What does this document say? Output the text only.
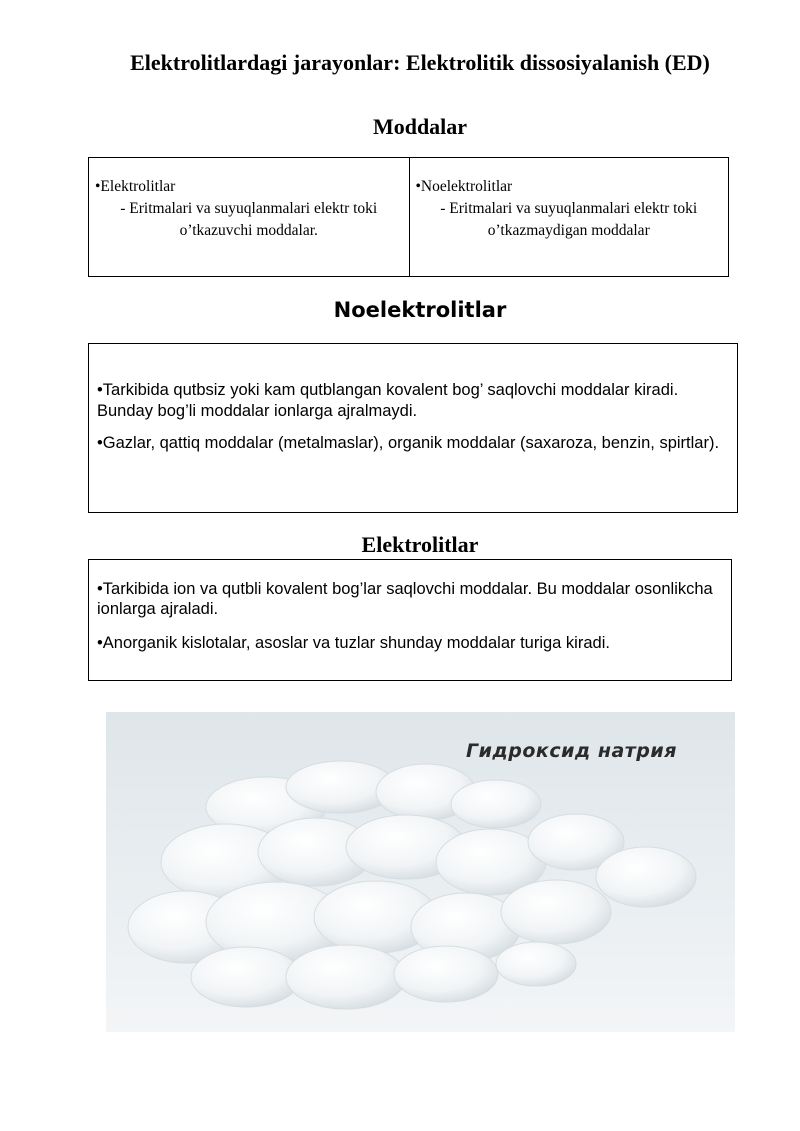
Elektrolitlardagi jarayonlar: Elektrolitik dissosiyalanish (ED)
Moddalar
•Elektrolitlar
- Eritmalari va suyuqlanmalari elektr toki o’tkazuvchi moddalar.
•Noelektrolitlar
- Eritmalari va suyuqlanmalari elektr toki o’tkazmaydigan moddalar
Noelektrolitlar

•Tarkibida qutbsiz yoki kam qutblangan kovalent bog’ saqlovchi moddalar kiradi. Bunday bog’li moddalar ionlarga ajralmaydi.

•Gazlar, qattiq moddalar (metalmaslar), organik moddalar (saxaroza, benzin, spirtlar).

Elektrolitlar

•Tarkibida ion va qutbli kovalent bog’lar saqlovchi moddalar. Bu moddalar osonlikcha ionlarga ajraladi.

•Anorganik kislotalar, asoslar va tuzlar shunday moddalar turiga kiradi.

Гидроксид натрия
